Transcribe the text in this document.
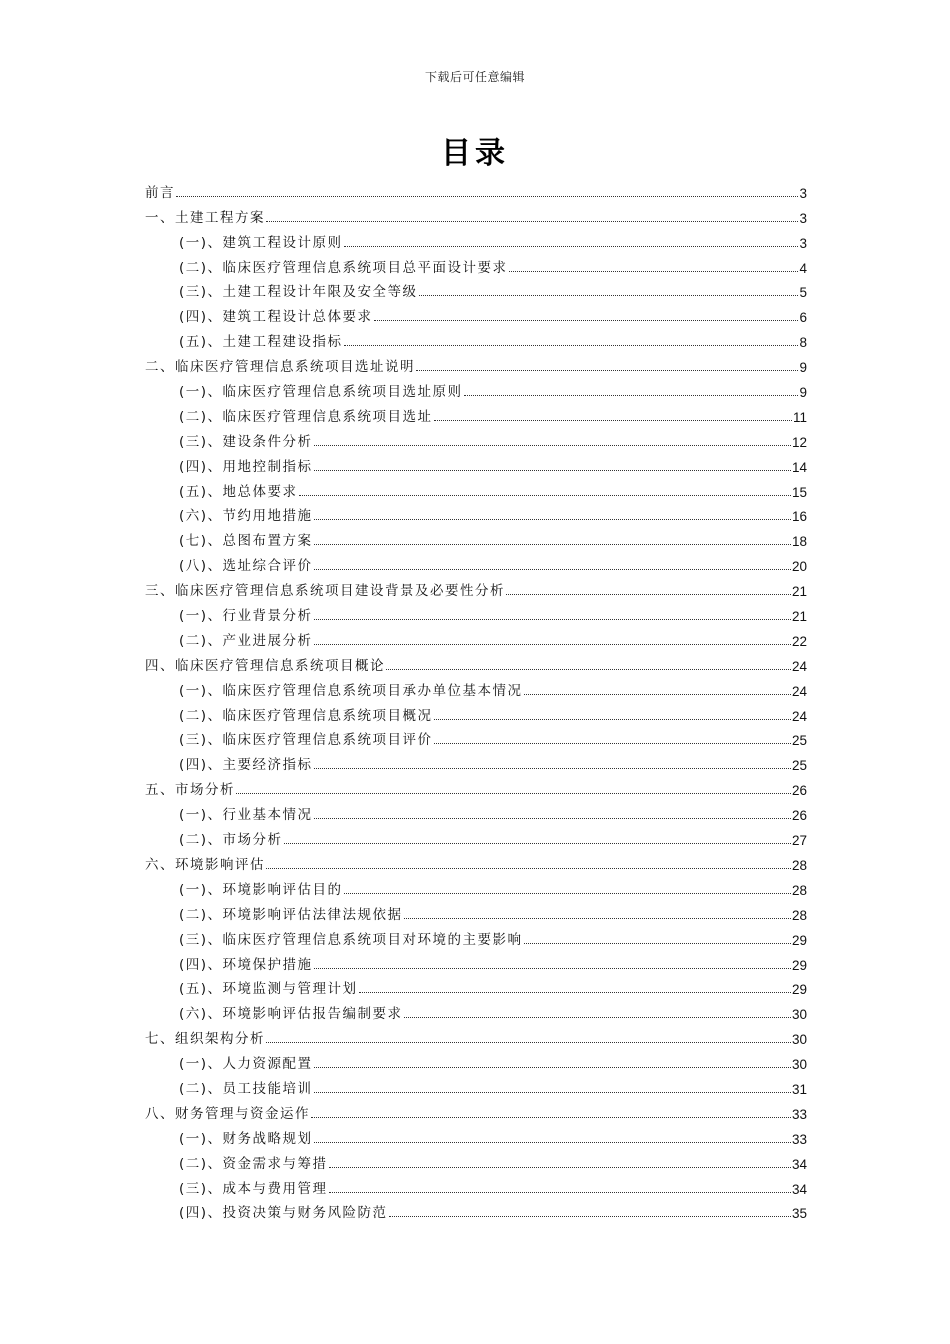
下载后可任意编辑
目录
前言	3
一、土建工程方案	3
(一)、建筑工程设计原则	3
(二)、临床医疗管理信息系统项目总平面设计要求	4
(三)、土建工程设计年限及安全等级	5
(四)、建筑工程设计总体要求	6
(五)、土建工程建设指标	8
二、临床医疗管理信息系统项目选址说明	9
(一)、临床医疗管理信息系统项目选址原则	9
(二)、临床医疗管理信息系统项目选址	11
(三)、建设条件分析	12
(四)、用地控制指标	14
(五)、地总体要求	15
(六)、节约用地措施	16
(七)、总图布置方案	18
(八)、选址综合评价	20
三、临床医疗管理信息系统项目建设背景及必要性分析	21
(一)、行业背景分析	21
(二)、产业进展分析	22
四、临床医疗管理信息系统项目概论	24
(一)、临床医疗管理信息系统项目承办单位基本情况	24
(二)、临床医疗管理信息系统项目概况	24
(三)、临床医疗管理信息系统项目评价	25
(四)、主要经济指标	25
五、市场分析	26
(一)、行业基本情况	26
(二)、市场分析	27
六、环境影响评估	28
(一)、环境影响评估目的	28
(二)、环境影响评估法律法规依据	28
(三)、临床医疗管理信息系统项目对环境的主要影响	29
(四)、环境保护措施	29
(五)、环境监测与管理计划	29
(六)、环境影响评估报告编制要求	30
七、组织架构分析	30
(一)、人力资源配置	30
(二)、员工技能培训	31
八、财务管理与资金运作	33
(一)、财务战略规划	33
(二)、资金需求与筹措	34
(三)、成本与费用管理	34
(四)、投资决策与财务风险防范	35
